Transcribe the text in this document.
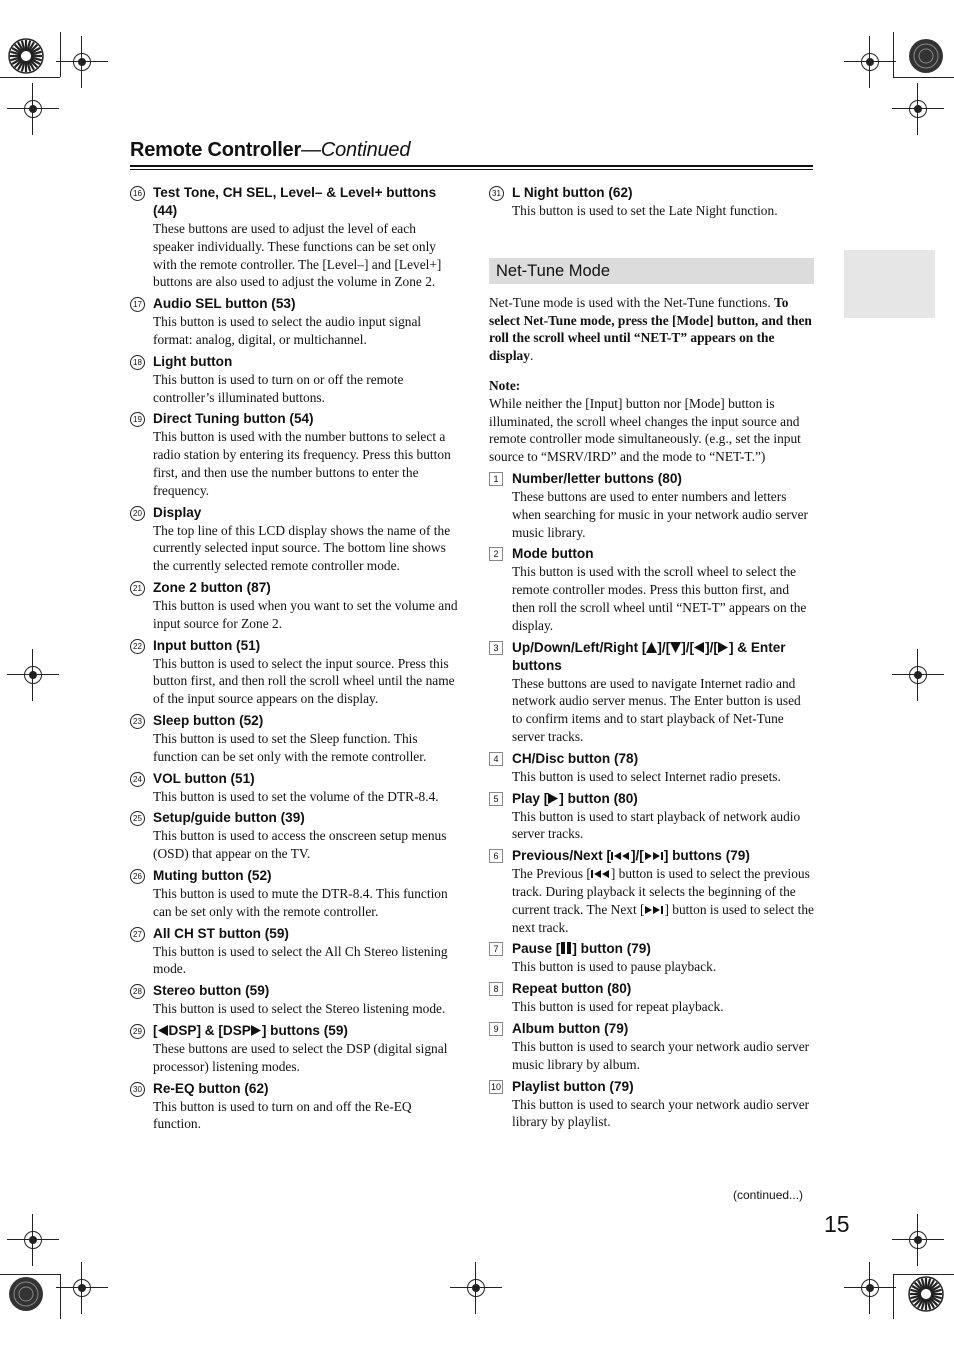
Remote Controller—Continued
16 Test Tone, CH SEL, Level– & Level+ buttons (44)
These buttons are used to adjust the level of each speaker individually. These functions can be set only with the remote controller. The [Level–] and [Level+] buttons are also used to adjust the volume in Zone 2.
17 Audio SEL button (53)
This button is used to select the audio input signal format: analog, digital, or multichannel.
18 Light button
This button is used to turn on or off the remote controller’s illuminated buttons.
19 Direct Tuning button (54)
This button is used with the number buttons to select a radio station by entering its frequency. Press this button first, and then use the number buttons to enter the frequency.
20 Display
The top line of this LCD display shows the name of the currently selected input source. The bottom line shows the currently selected remote controller mode.
21 Zone 2 button (87)
This button is used when you want to set the volume and input source for Zone 2.
22 Input button (51)
This button is used to select the input source. Press this button first, and then roll the scroll wheel until the name of the input source appears on the display.
23 Sleep button (52)
This button is used to set the Sleep function. This function can be set only with the remote controller.
24 VOL button (51)
This button is used to set the volume of the DTR-8.4.
25 Setup/guide button (39)
This button is used to access the onscreen setup menus (OSD) that appear on the TV.
26 Muting button (52)
This button is used to mute the DTR-8.4. This function can be set only with the remote controller.
27 All CH ST button (59)
This button is used to select the All Ch Stereo listening mode.
28 Stereo button (59)
This button is used to select the Stereo listening mode.
29 [ DSP] & [DSP ] buttons (59)
These buttons are used to select the DSP (digital signal processor) listening modes.
30 Re-EQ button (62)
This button is used to turn on and off the Re-EQ function.
31 L Night button (62)
This button is used to set the Late Night function.
Net-Tune Mode
Net-Tune mode is used with the Net-Tune functions. To select Net-Tune mode, press the [Mode] button, and then roll the scroll wheel until “NET-T” appears on the display.
Note:
While neither the [Input] button nor [Mode] button is illuminated, the scroll wheel changes the input source and remote controller mode simultaneously. (e.g., set the input source to “MSRV/IRD” and the mode to “NET-T.”)
1 Number/letter buttons (80)
These buttons are used to enter numbers and letters when searching for music in your network audio server music library.
2 Mode button
This button is used with the scroll wheel to select the remote controller modes. Press this button first, and then roll the scroll wheel until “NET-T” appears on the display.
3 Up/Down/Left/Right [ ]/[ ]/[ ]/[ ] & Enter buttons
These buttons are used to navigate Internet radio and network audio server menus. The Enter button is used to confirm items and to start playback of Net-Tune server tracks.
4 CH/Disc button (78)
This button is used to select Internet radio presets.
5 Play [ ] button (80)
This button is used to start playback of network audio server tracks.
6 Previous/Next [ ]/[ ] buttons (79)
The Previous [ ] button is used to select the previous track. During playback it selects the beginning of the current track. The Next [ ] button is used to select the next track.
7 Pause [ ] button (79)
This button is used to pause playback.
8 Repeat button (80)
This button is used for repeat playback.
9 Album button (79)
This button is used to search your network audio server music library by album.
10 Playlist button (79)
This button is used to search your network audio server library by playlist.
(continued...)
15
